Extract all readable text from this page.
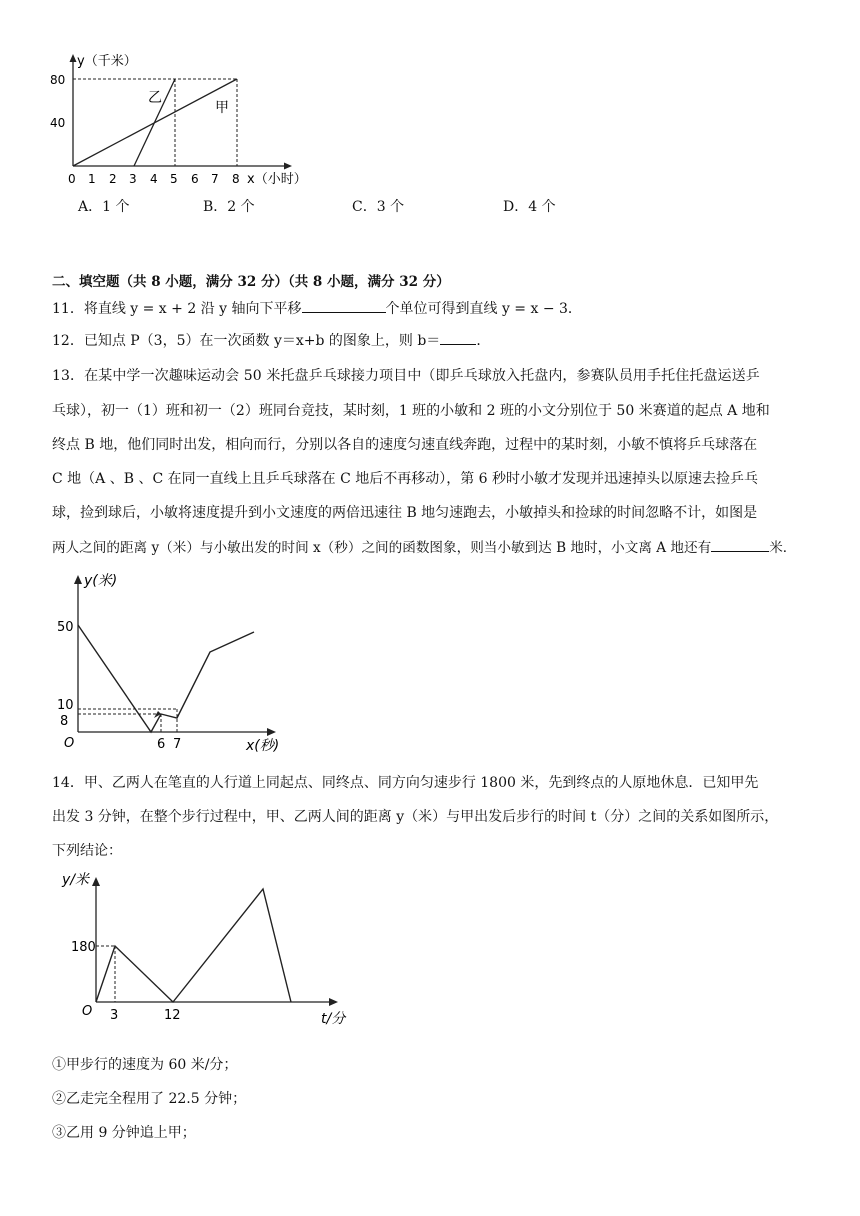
y（千米）
80
40
0 1 2 3 4 5 6 7 8 x（小时）
乙
甲
A．1 个	B．2 个	C．3 个	D．4 个
二、填空题（共 8 小题，满分 32 分）（共 8 小题，满分 32 分）
11．将直线 y = x + 2 沿 y 轴向下平移	个单位可得到直线 y = x − 3．
12．已知点 P（3，5）在一次函数 y＝x+b 的图象上，则 b＝	．
13．在某中学一次趣味运动会 50 米托盘乒乓球接力项目中（即乒乓球放入托盘内，参赛队员用手托住托盘运送乒
乓球），初一（1）班和初一（2）班同台竞技，某时刻，1 班的小敏和 2 班的小文分别位于 50 米赛道的起点 A 地和
终点 B 地，他们同时出发，相向而行，分别以各自的速度匀速直线奔跑，过程中的某时刻，小敏不慎将乒乓球落在
C 地（A 、B 、C 在同一直线上且乒乓球落在 C 地后不再移动），第 6 秒时小敏才发现并迅速掉头以原速去捡乒乓
球，捡到球后，小敏将速度提升到小文速度的两倍迅速往 B 地匀速跑去，小敏掉头和捡球的时间忽略不计，如图是
两人之间的距离 y（米）与小敏出发的时间 x（秒）之间的函数图象，则当小敏到达 B 地时，小文离 A 地还有	米．
y(米)
50
10
8
O	6 7	x(秒)
14．甲、乙两人在笔直的人行道上同起点、同终点、同方向匀速步行 1800 米，先到终点的人原地休息．已知甲先
出发 3 分钟，在整个步行过程中，甲、乙两人间的距离 y（米）与甲出发后步行的时间 t（分）之间的关系如图所示，
下列结论：
y/米
180
O 3	12	t/分
①甲步行的速度为 60 米/分；
②乙走完全程用了 22.5 分钟；
③乙用 9 分钟追上甲；
